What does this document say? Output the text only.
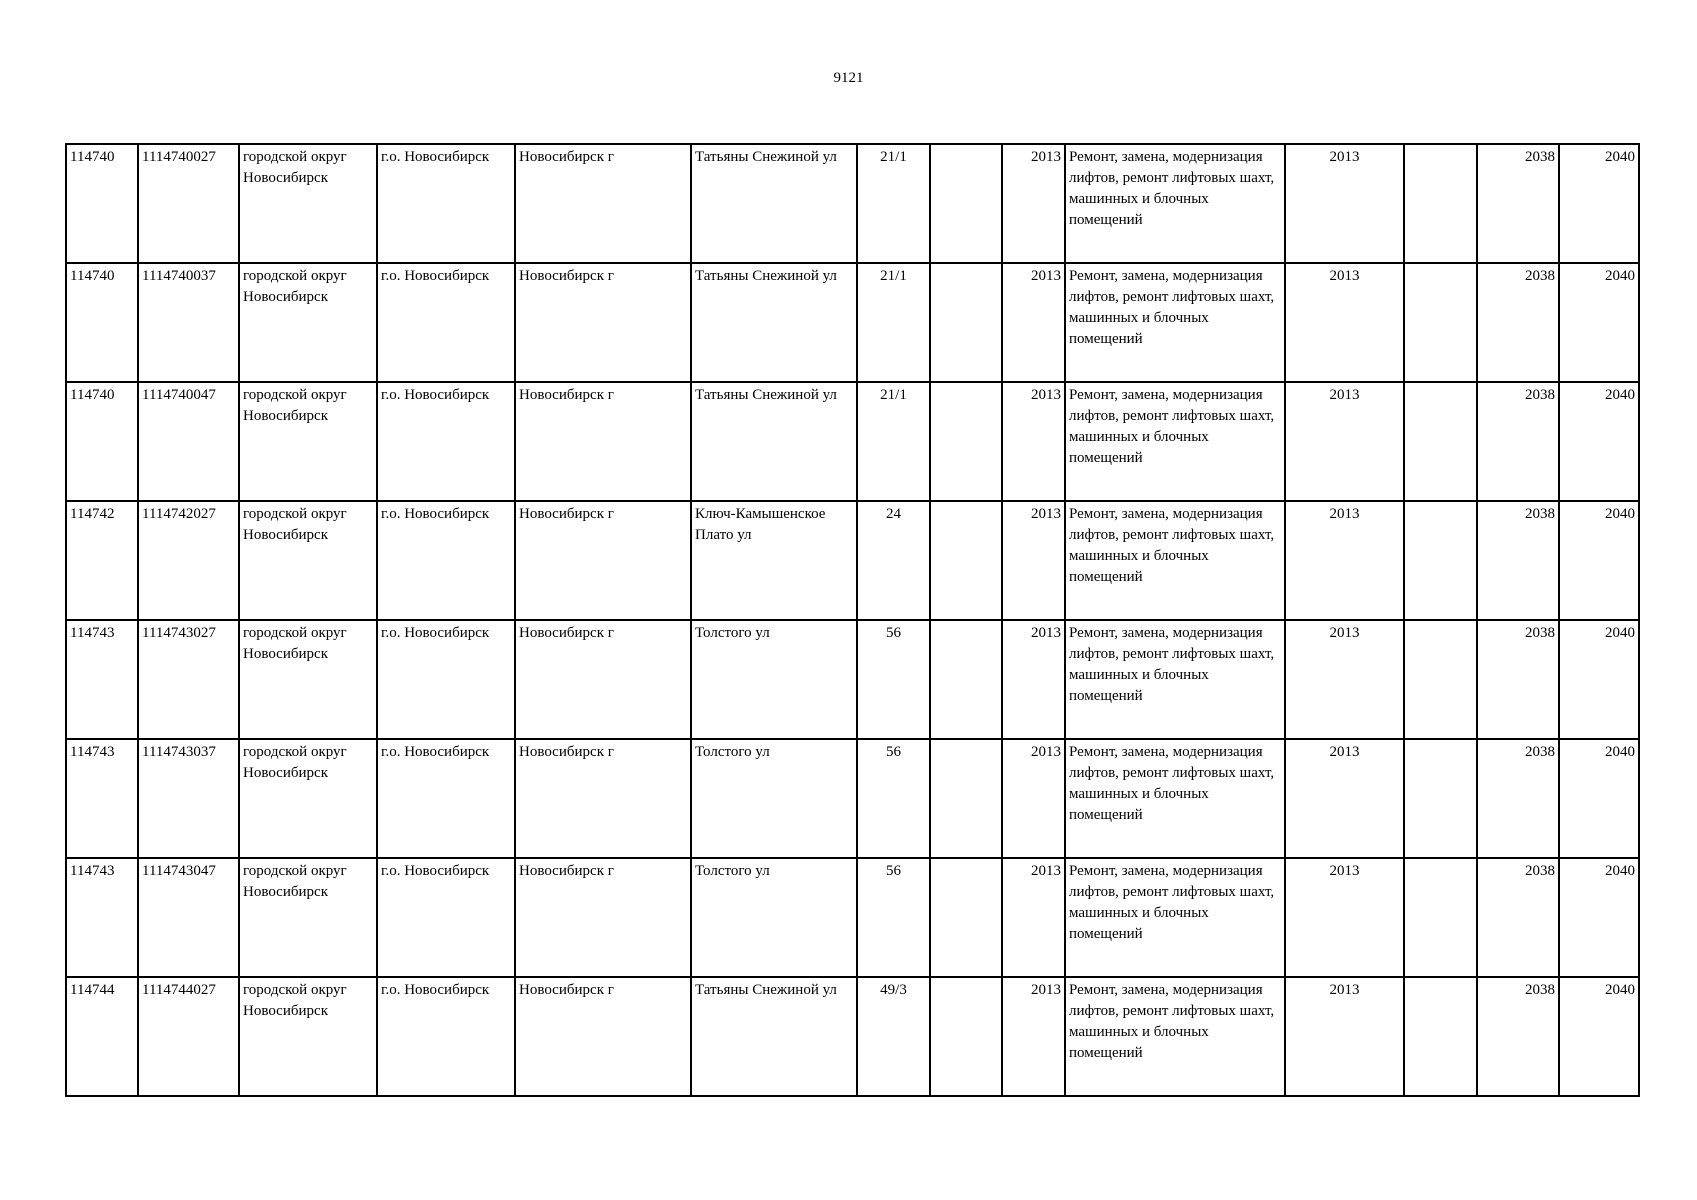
9121
114740	1114740027	городской округ Новосибирск	г.о. Новосибирск	Новосибирск г	Татьяны Снежиной ул	21/1		2013	Ремонт, замена, модернизация лифтов, ремонт лифтовых шахт, машинных и блочных помещений	2013		2038	2040
114740	1114740037	городской округ Новосибирск	г.о. Новосибирск	Новосибирск г	Татьяны Снежиной ул	21/1		2013	Ремонт, замена, модернизация лифтов, ремонт лифтовых шахт, машинных и блочных помещений	2013		2038	2040
114740	1114740047	городской округ Новосибирск	г.о. Новосибирск	Новосибирск г	Татьяны Снежиной ул	21/1		2013	Ремонт, замена, модернизация лифтов, ремонт лифтовых шахт, машинных и блочных помещений	2013		2038	2040
114742	1114742027	городской округ Новосибирск	г.о. Новосибирск	Новосибирск г	Ключ-Камышенское Плато ул	24		2013	Ремонт, замена, модернизация лифтов, ремонт лифтовых шахт, машинных и блочных помещений	2013		2038	2040
114743	1114743027	городской округ Новосибирск	г.о. Новосибирск	Новосибирск г	Толстого ул	56		2013	Ремонт, замена, модернизация лифтов, ремонт лифтовых шахт, машинных и блочных помещений	2013		2038	2040
114743	1114743037	городской округ Новосибирск	г.о. Новосибирск	Новосибирск г	Толстого ул	56		2013	Ремонт, замена, модернизация лифтов, ремонт лифтовых шахт, машинных и блочных помещений	2013		2038	2040
114743	1114743047	городской округ Новосибирск	г.о. Новосибирск	Новосибирск г	Толстого ул	56		2013	Ремонт, замена, модернизация лифтов, ремонт лифтовых шахт, машинных и блочных помещений	2013		2038	2040
114744	1114744027	городской округ Новосибирск	г.о. Новосибирск	Новосибирск г	Татьяны Снежиной ул	49/3		2013	Ремонт, замена, модернизация лифтов, ремонт лифтовых шахт, машинных и блочных помещений	2013		2038	2040
